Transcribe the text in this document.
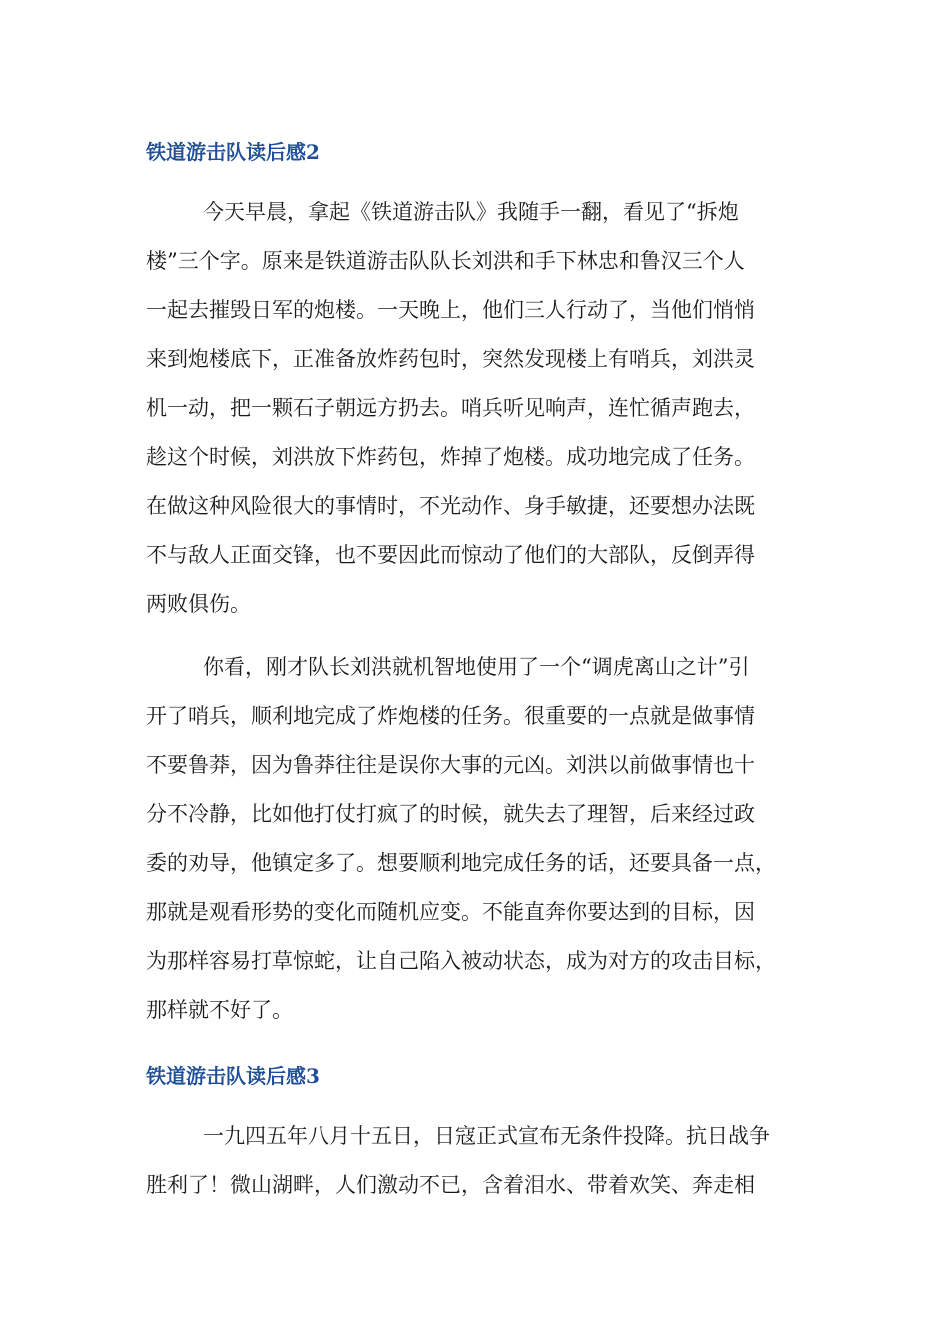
铁道游击队读后感2
今天早晨，拿起《铁道游击队》我随手一翻，看见了“拆炮
楼”三个字。原来是铁道游击队队长刘洪和手下林忠和鲁汉三个人
一起去摧毁日军的炮楼。一天晚上，他们三人行动了，当他们悄悄
来到炮楼底下，正准备放炸药包时，突然发现楼上有哨兵，刘洪灵
机一动，把一颗石子朝远方扔去。哨兵听见响声，连忙循声跑去，
趁这个时候，刘洪放下炸药包，炸掉了炮楼。成功地完成了任务。
在做这种风险很大的事情时，不光动作、身手敏捷，还要想办法既
不与敌人正面交锋，也不要因此而惊动了他们的大部队，反倒弄得
两败俱伤。
你看，刚才队长刘洪就机智地使用了一个“调虎离山之计”引
开了哨兵，顺利地完成了炸炮楼的任务。很重要的一点就是做事情
不要鲁莽，因为鲁莽往往是误你大事的元凶。刘洪以前做事情也十
分不冷静，比如他打仗打疯了的时候，就失去了理智，后来经过政
委的劝导，他镇定多了。想要顺利地完成任务的话，还要具备一点，
那就是观看形势的变化而随机应变。不能直奔你要达到的目标，因
为那样容易打草惊蛇，让自己陷入被动状态，成为对方的攻击目标，
那样就不好了。
铁道游击队读后感3
一九四五年八月十五日，日寇正式宣布无条件投降。抗日战争
胜利了！微山湖畔，人们激动不已，含着泪水、带着欢笑、奔走相
